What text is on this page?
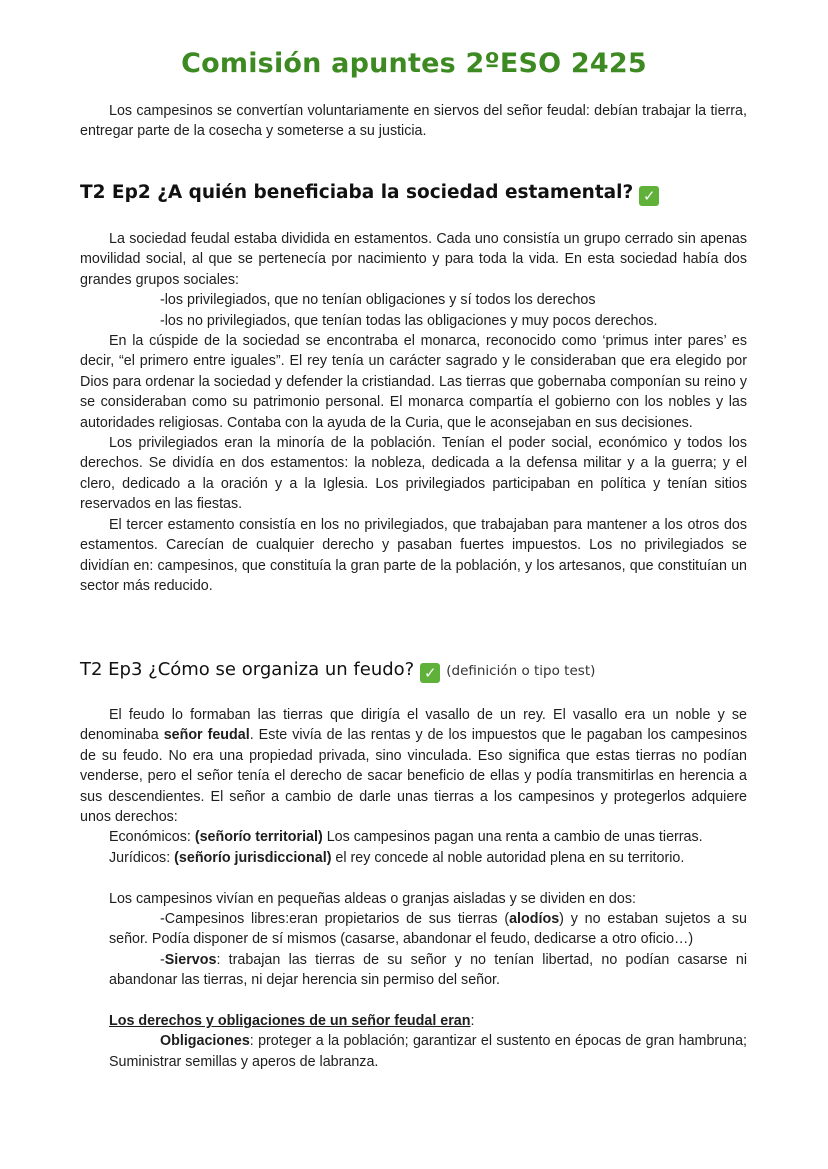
Comisión apuntes 2ºESO 2425

Los campesinos se convertían voluntariamente en siervos del señor feudal: debían trabajar la tierra, entregar parte de la cosecha y someterse a su justicia.

T2 Ep2 ¿A quién beneficiaba la sociedad estamental? ✓

La sociedad feudal estaba dividida en estamentos. Cada uno consistía un grupo cerrado sin apenas movilidad social, al que se pertenecía por nacimiento y para toda la vida. En esta sociedad había dos grandes grupos sociales:

-los privilegiados, que no tenían obligaciones y sí todos los derechos

-los no privilegiados, que tenían todas las obligaciones y muy pocos derechos.

En la cúspide de la sociedad se encontraba el monarca, reconocido como ‘primus inter pares’ es decir, “el primero entre iguales”. El rey tenía un carácter sagrado y le consideraban que era elegido por Dios para ordenar la sociedad y defender la cristiandad. Las tierras que gobernaba componían su reino y se consideraban como su patrimonio personal. El monarca compartía el gobierno con los nobles y las autoridades religiosas. Contaba con la ayuda de la Curia, que le aconsejaban en sus decisiones.

Los privilegiados eran la minoría de la población. Tenían el poder social, económico y todos los derechos. Se dividía en dos estamentos: la nobleza, dedicada a la defensa militar y a la guerra; y el clero, dedicado a la oración y a la Iglesia. Los privilegiados participaban en política y tenían sitios reservados en las fiestas.

El tercer estamento consistía en los no privilegiados, que trabajaban para mantener a los otros dos estamentos. Carecían de cualquier derecho y pasaban fuertes impuestos. Los no privilegiados se dividían en: campesinos, que constituía la gran parte de la población, y los artesanos, que constituían un sector más reducido.

T2 Ep3 ¿Cómo se organiza un feudo? ✓ (definición o tipo test)

El feudo lo formaban las tierras que dirigía el vasallo de un rey. El vasallo era un noble y se denominaba señor feudal. Este vivía de las rentas y de los impuestos que le pagaban los campesinos de su feudo. No era una propiedad privada, sino vinculada. Eso significa que estas tierras no podían venderse, pero el señor tenía el derecho de sacar beneficio de ellas y podía transmitirlas en herencia a sus descendientes. El señor a cambio de darle unas tierras a los campesinos y protegerlos adquiere unos derechos:

Económicos: (señorío territorial) Los campesinos pagan una renta a cambio de unas tierras.

Jurídicos: (señorío jurisdiccional) el rey concede al noble autoridad plena en su territorio.

Los campesinos vivían en pequeñas aldeas o granjas aisladas y se dividen en dos:

-Campesinos libres:eran propietarios de sus tierras (alodíos) y no estaban sujetos a su señor. Podía disponer de sí mismos (casarse, abandonar el feudo, dedicarse a otro oficio…)

-Siervos: trabajan las tierras de su señor y no tenían libertad, no podían casarse ni abandonar las tierras, ni dejar herencia sin permiso del señor.

Los derechos y obligaciones de un señor feudal eran:

Obligaciones: proteger a la población; garantizar el sustento en épocas de gran hambruna; Suministrar semillas y aperos de labranza.
